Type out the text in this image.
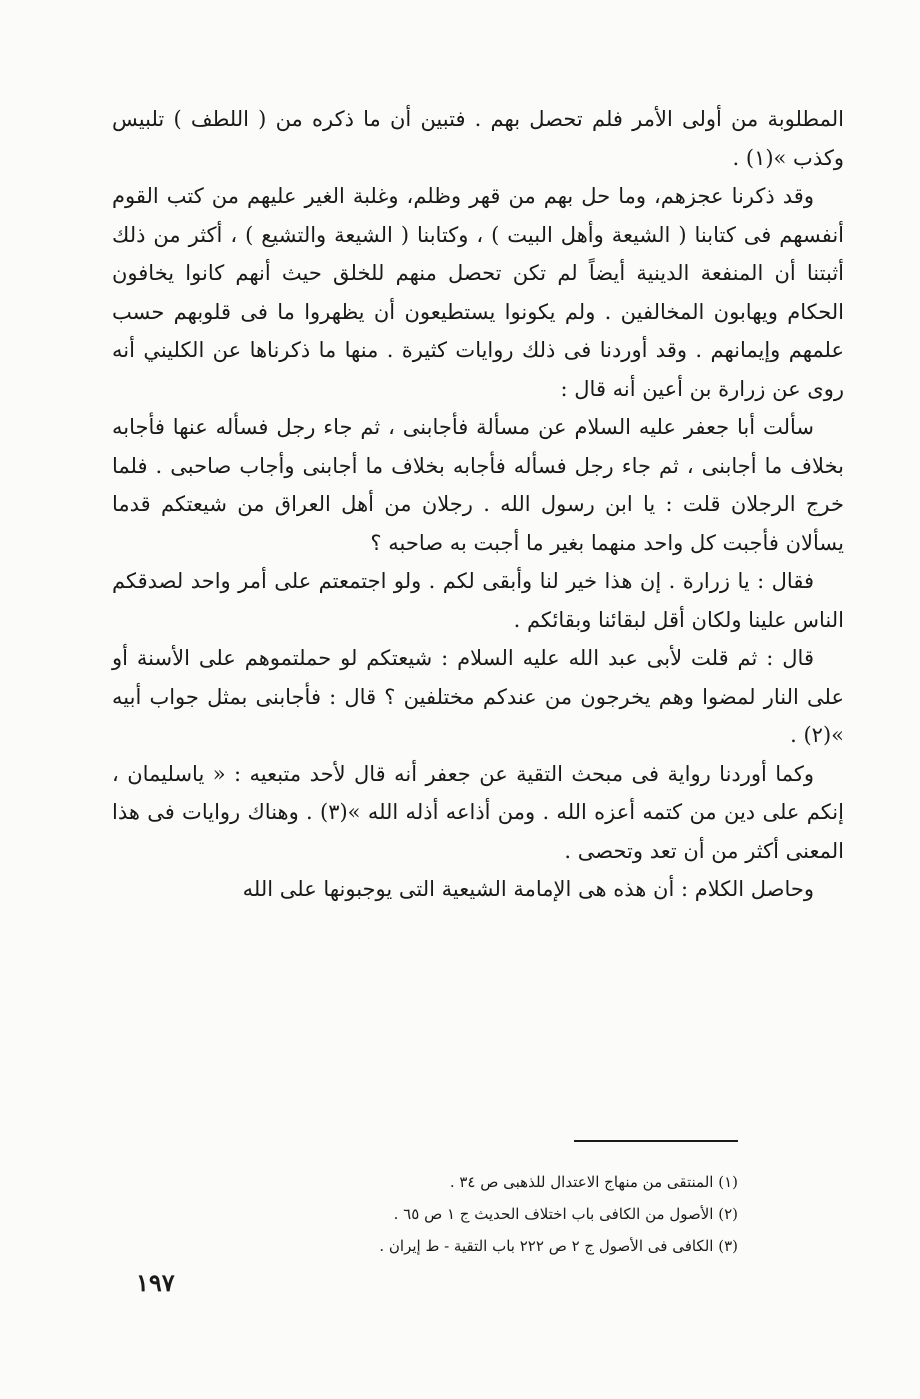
المطلوبة من أولى الأمر فلم تحصل بهم . فتبين أن ما ذكره من ( اللطف ) تلبيس وكذب »(١) .

وقد ذكرنا عجزهم، وما حل بهم من قهر وظلم، وغلبة الغير عليهم من كتب القوم أنفسهم فى كتابنا ( الشيعة وأهل البيت ) ، وكتابنا ( الشيعة والتشيع ) ، أكثر من ذلك أثبتنا أن المنفعة الدينية أيضاً لم تكن تحصل منهم للخلق حيث أنهم كانوا يخافون الحكام ويهابون المخالفين . ولم يكونوا يستطيعون أن يظهروا ما فى قلوبهم حسب علمهم وإيمانهم . وقد أوردنا فى ذلك روايات كثيرة . منها ما ذكرناها عن الكليني أنه روى عن زرارة بن أعين أنه قال :

سألت أبا جعفر عليه السلام عن مسألة فأجابنى ، ثم جاء رجل فسأله عنها فأجابه بخلاف ما أجابنى ، ثم جاء رجل فسأله فأجابه بخلاف ما أجابنى وأجاب صاحبى . فلما خرج الرجلان قلت : يا ابن رسول الله . رجلان من أهل العراق من شيعتكم قدما يسألان فأجبت كل واحد منهما بغير ما أجبت به صاحبه ؟

فقال : يا زرارة . إن هذا خير لنا وأبقى لكم . ولو اجتمعتم على أمر واحد لصدقكم الناس علينا ولكان أقل لبقائنا وبقائكم .

قال : ثم قلت لأبى عبد الله عليه السلام : شيعتكم لو حملتموهم على الأسنة أو على النار لمضوا وهم يخرجون من عندكم مختلفين ؟ قال : فأجابنى بمثل جواب أبيه »(٢) .

وكما أوردنا رواية فى مبحث التقية عن جعفر أنه قال لأحد متبعيه : « ياسليمان ، إنكم على دين من كتمه أعزه الله . ومن أذاعه أذله الله »(٣) . وهناك روايات فى هذا المعنى أكثر من أن تعد وتحصى .

وحاصل الكلام : أن هذه هى الإمامة الشيعية التى يوجبونها على الله

(١) المنتقى من منهاج الاعتدال للذهبى ص ٣٤ .

(٢) الأصول من الكافى باب اختلاف الحديث ج ١ ص ٦٥ .

(٣) الكافى فى الأصول ج ٢ ص ٢٢٢ باب التقية - ط إيران .

١٩٧
